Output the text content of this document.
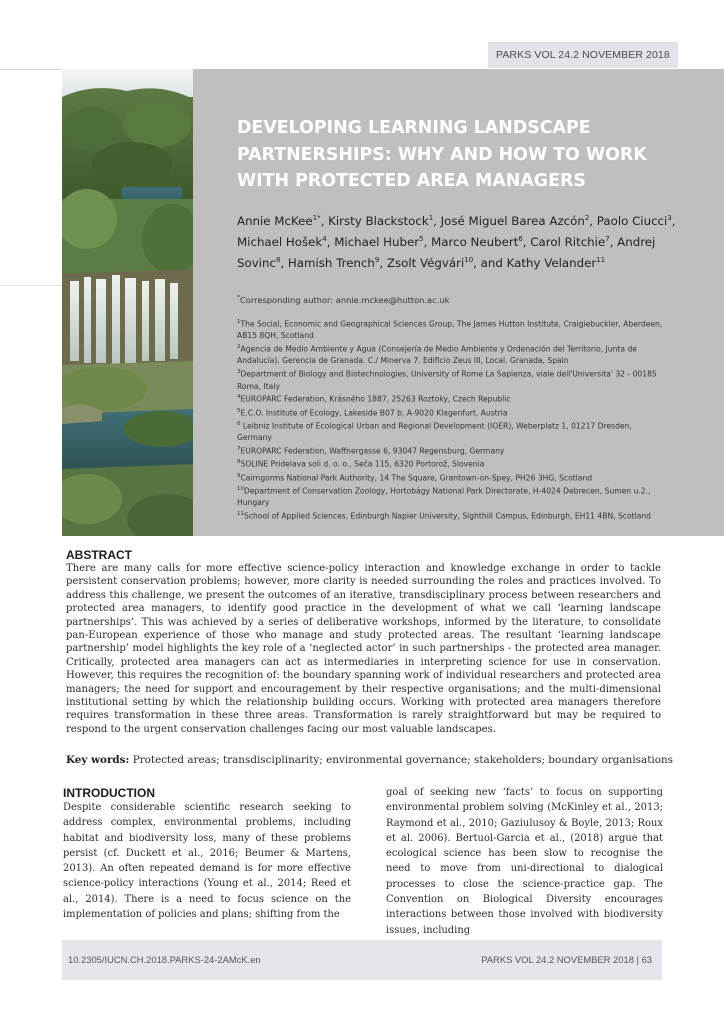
PARKS VOL 24.2 NOVEMBER 2018
DEVELOPING LEARNING LANDSCAPE PARTNERSHIPS: WHY AND HOW TO WORK WITH PROTECTED AREA MANAGERS

Annie McKee$^{1*}$, Kirsty Blackstock$^1$, José Miguel Barea Azcón$^2$, Paolo Ciucci$^3$, Michael Hošek$^4$, Michael Huber$^5$, Marco Neubert$^6$, Carol Ritchie$^7$, Andrej Sovinc$^8$, Hamish Trench$^9$, Zsolt Végvári$^{10}$, and Kathy Velander$^{11}$

*Corresponding author: annie.mckee@hutton.ac.uk

$^1$The Social, Economic and Geographical Sciences Group, The James Hutton Institute, Craigiebuckler, Aberdeen, AB15 8QH, Scotland

$^2$Agencia de Medio Ambiente y Agua (Consejería de Medio Ambiente y Ordenación del Territorio, Junta de Andalucía). Gerencia de Granada. C./ Minerva 7. Edificio Zeus III, Local. Granada, Spain

$^3$Department of Biology and Biotechnologies, University of Rome La Sapienza, viale dell'Universita' 32 - 00185 Roma, Italy

$^4$EUROPARC Federation, Krásného 1887, 25263 Roztoky, Czech Republic

$^5$E.C.O. Institute of Ecology, Lakeside B07 b, A-9020 Klagenfurt, Austria

$^6$ Leibniz Institute of Ecological Urban and Regional Development (IOER), Weberplatz 1, 01217 Dresden, Germany

$^7$EUROPARC Federation, Waffnergasse 6, 93047 Regensburg, Germany

$^8$SOLINE Pridelava soli d. o. o., Seča 115, 6320 Portorož, Slovenia

$^9$Cairngorms National Park Authority, 14 The Square, Grantown-on-Spey, PH26 3HG, Scotland

$^{10}$Department of Conservation Zoology, Hortobágy National Park Directorate, H-4024 Debrecen, Sumen u.2., Hungary

$^{11}$School of Applied Sciences, Edinburgh Napier University, Sighthill Campus, Edinburgh, EH11 4BN, Scotland

ABSTRACT

There are many calls for more effective science-policy interaction and knowledge exchange in order to tackle persistent conservation problems; however, more clarity is needed surrounding the roles and practices involved. To address this challenge, we present the outcomes of an iterative, transdisciplinary process between researchers and protected area managers, to identify good practice in the development of what we call ‘learning landscape partnerships’. This was achieved by a series of deliberative workshops, informed by the literature, to consolidate pan-European experience of those who manage and study protected areas. The resultant ‘learning landscape partnership’ model highlights the key role of a ‘neglected actor’ in such partnerships - the protected area manager. Critically, protected area managers can act as intermediaries in interpreting science for use in conservation. However, this requires the recognition of: the boundary spanning work of individual researchers and protected area managers; the need for support and encouragement by their respective organisations; and the multi-dimensional institutional setting by which the relationship building occurs. Working with protected area managers therefore requires transformation in these three areas. Transformation is rarely straightforward but may be required to respond to the urgent conservation challenges facing our most valuable landscapes.

Key words: Protected areas; transdisciplinarity; environmental governance; stakeholders; boundary organisations

INTRODUCTION

Despite considerable scientific research seeking to address complex, environmental problems, including habitat and biodiversity loss, many of these problems persist (cf. Duckett et al., 2016; Beumer & Martens, 2013). An often repeated demand is for more effective science-policy interactions (Young et al., 2014; Reed et al., 2014). There is a need to focus science on the implementation of policies and plans; shifting from the

goal of seeking new ‘facts’ to focus on supporting environmental problem solving (McKinley et al., 2013; Raymond et al., 2010; Gaziulusoy & Boyle, 2013; Roux et al. 2006). Bertuol-Garcia et al., (2018) argue that ecological science has been slow to recognise the need to move from uni-directional to dialogical processes to close the science-practice gap. The Convention on Biological Diversity encourages interactions between those involved with biodiversity issues, including

10.2305/IUCN.CH.2018.PARKS-24-2AMcK.en	PARKS VOL 24.2 NOVEMBER 2018 | 63
